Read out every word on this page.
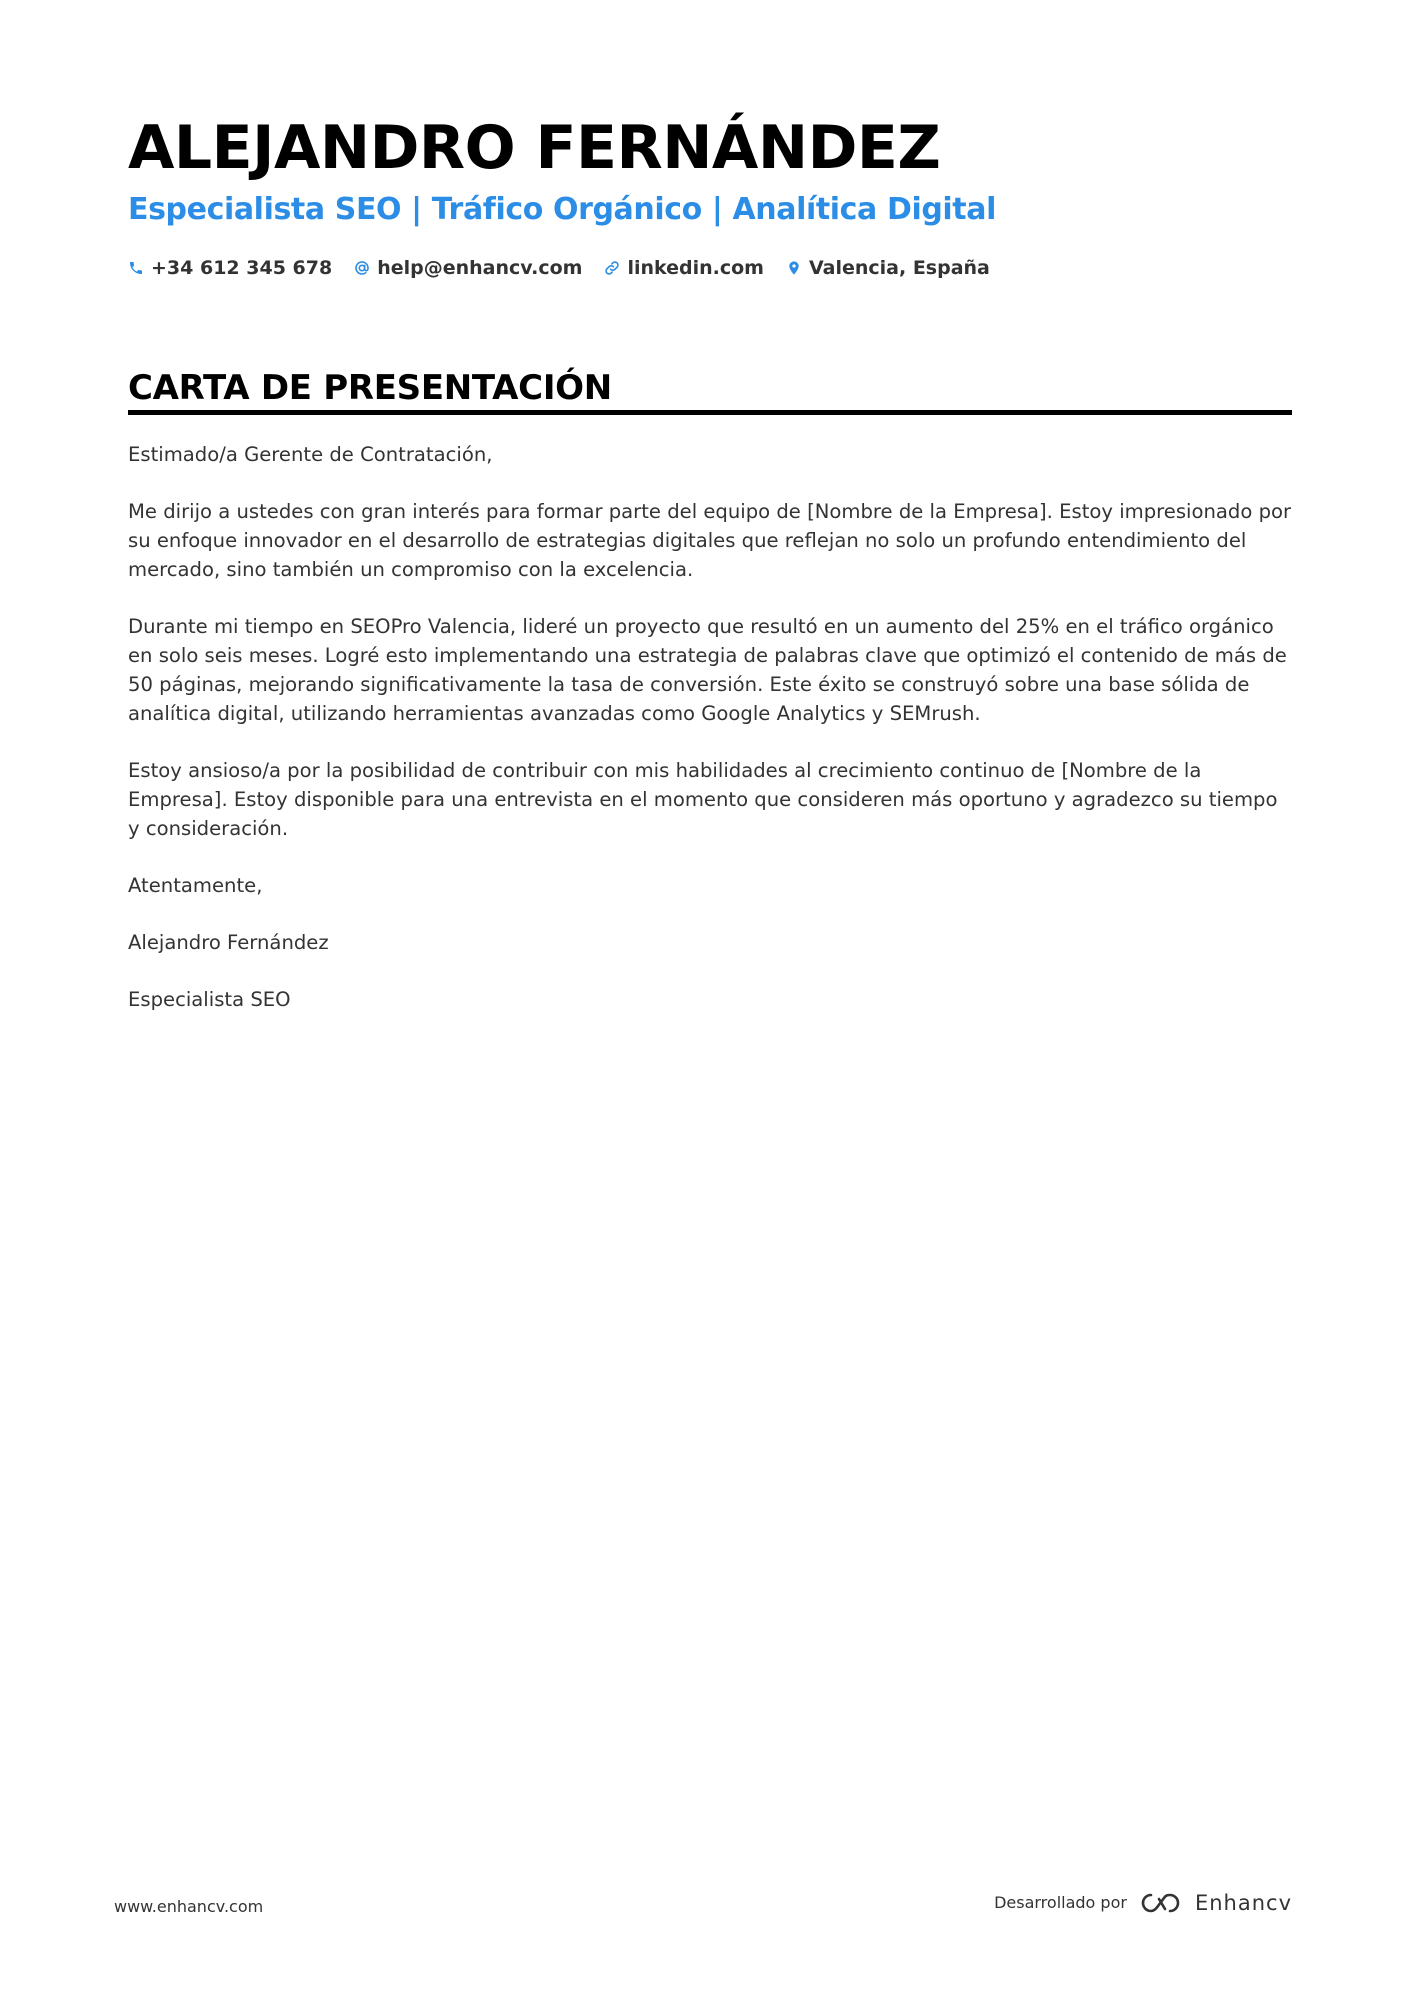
ALEJANDRO FERNÁNDEZ
Especialista SEO | Tráfico Orgánico | Analítica Digital
+34 612 345 678 help@enhancv.com linkedin.com Valencia, España
CARTA DE PRESENTACIÓN

Estimado/a Gerente de Contratación,

Me dirijo a ustedes con gran interés para formar parte del equipo de [Nombre de la Empresa]. Estoy impresionado por su enfoque innovador en el desarrollo de estrategias digitales que reflejan no solo un profundo entendimiento del mercado, sino también un compromiso con la excelencia.

Durante mi tiempo en SEOPro Valencia, lideré un proyecto que resultó en un aumento del 25% en el tráfico orgánico en solo seis meses. Logré esto implementando una estrategia de palabras clave que optimizó el contenido de más de 50 páginas, mejorando significativamente la tasa de conversión. Este éxito se construyó sobre una base sólida de analítica digital, utilizando herramientas avanzadas como Google Analytics y SEMrush.

Estoy ansioso/a por la posibilidad de contribuir con mis habilidades al crecimiento continuo de [Nombre de la Empresa]. Estoy disponible para una entrevista en el momento que consideren más oportuno y agradezco su tiempo y consideración.

Atentamente,

Alejandro Fernández

Especialista SEO

www.enhancv.com	Desarrollado por	Enhancv
